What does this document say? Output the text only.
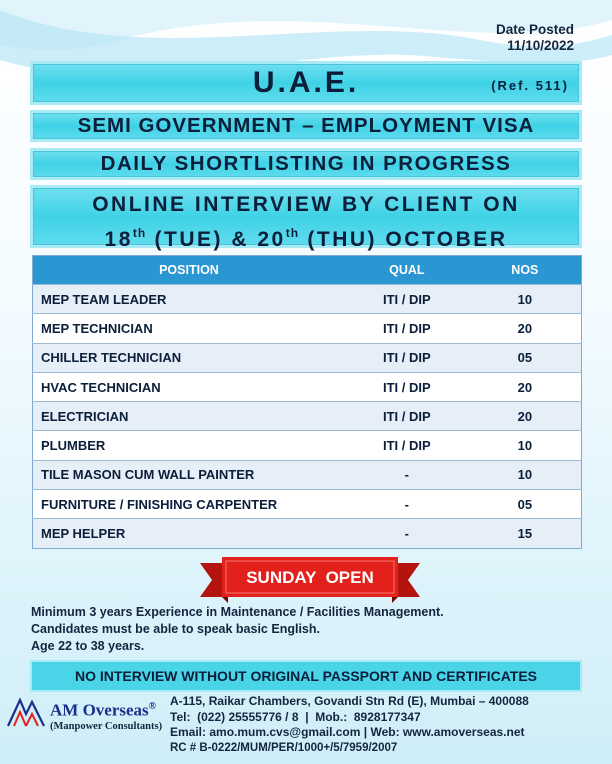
Date Posted
11/10/2022
U.A.E.	(Ref. 511)
SEMI GOVERNMENT – EMPLOYMENT VISA
DAILY SHORTLISTING IN PROGRESS
ONLINE INTERVIEW BY CLIENT ON
18th (TUE) & 20th (THU) OCTOBER
POSITION	QUAL	NOS
MEP TEAM LEADER	ITI / DIP	10
MEP TECHNICIAN	ITI / DIP	20
CHILLER TECHNICIAN	ITI / DIP	05
HVAC TECHNICIAN	ITI / DIP	20
ELECTRICIAN	ITI / DIP	20
PLUMBER	ITI / DIP	10
TILE MASON CUM WALL PAINTER	-	10
FURNITURE / FINISHING CARPENTER	-	05
MEP HELPER	-	15
SUNDAY  OPEN
Minimum 3 years Experience in Maintenance / Facilities Management.
Candidates must be able to speak basic English.
Age 22 to 38 years.
NO INTERVIEW WITHOUT ORIGINAL PASSPORT AND CERTIFICATES
AM Overseas®
(Manpower Consultants)
A-115, Raikar Chambers, Govandi Stn Rd (E), Mumbai – 400088
Tel:  (022) 25555776 / 8  |  Mob.:  8928177347
Email: amo.mum.cvs@gmail.com | Web: www.amoverseas.net
RC # B-0222/MUM/PER/1000+/5/7959/2007
